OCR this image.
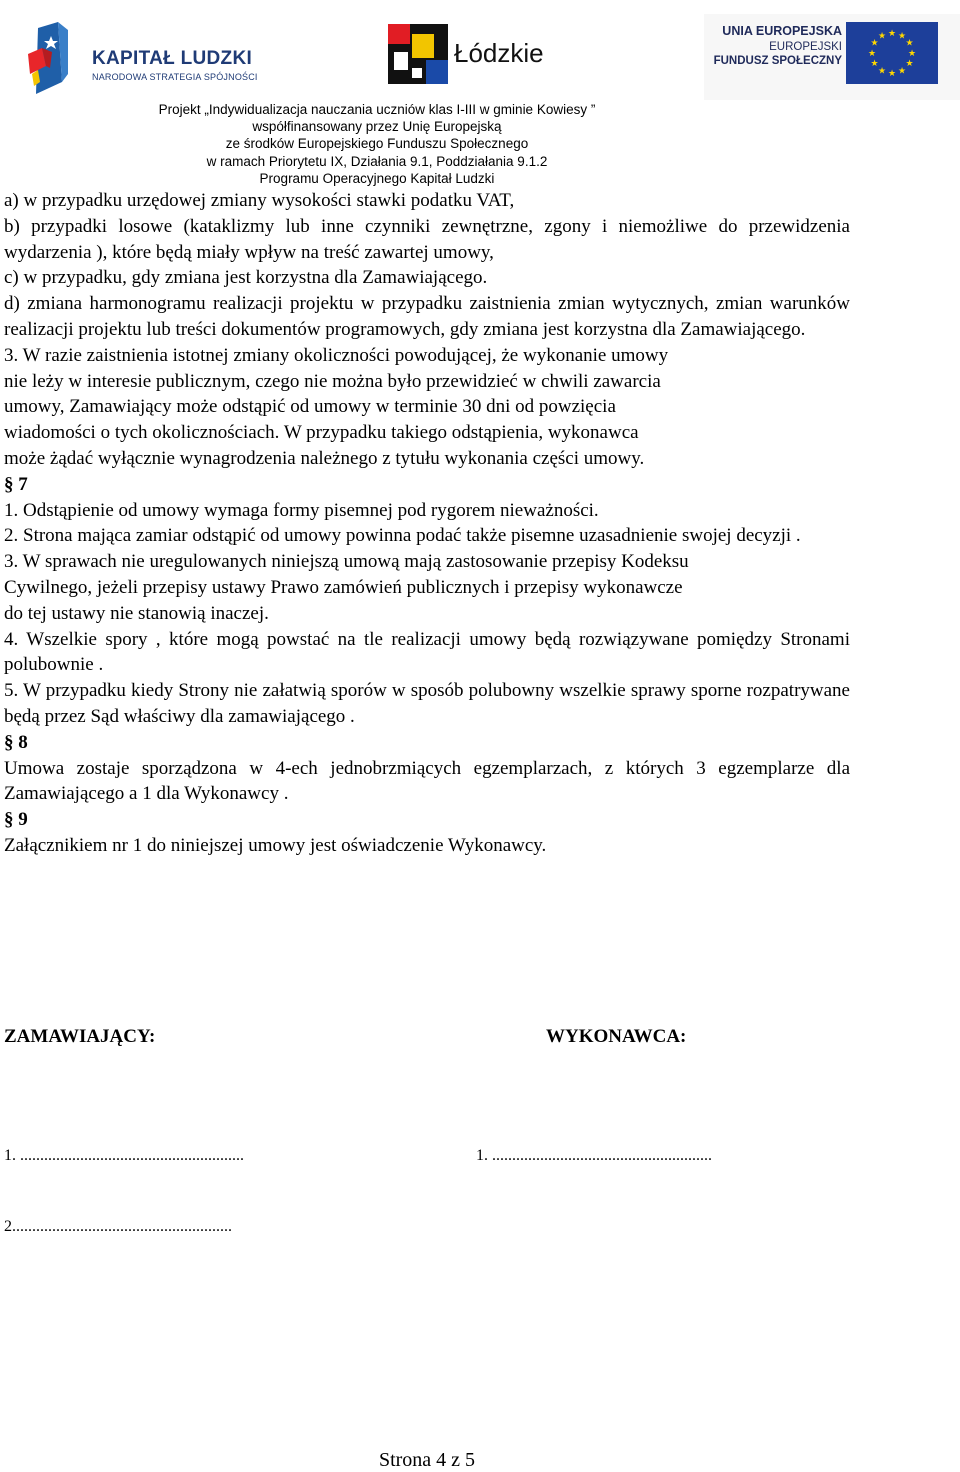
KAPITAŁ LUDZKI
NARODOWA STRATEGIA SPÓJNOŚCI
Łódzkie
UNIA EUROPEJSKA
EUROPEJSKI
FUNDUSZ SPOŁECZNY
★ ★
★
★
★
★
★
★
★
★
★
★
Projekt „Indywidualizacja nauczania uczniów klas I-III w gminie Kowiesy ”
współfinansowany przez Unię Europejską
ze środków Europejskiego Funduszu Społecznego
w ramach Priorytetu IX, Działania 9.1, Poddziałania 9.1.2
Programu Operacyjnego Kapitał Ludzki

a) w przypadku urzędowej zmiany wysokości stawki podatku VAT,

b) przypadki losowe (kataklizmy lub inne czynniki zewnętrzne, zgony i niemożliwe do przewidzenia wydarzenia ), które będą miały wpływ na treść zawartej umowy,

c) w przypadku, gdy zmiana jest korzystna dla Zamawiającego.

d) zmiana harmonogramu realizacji projektu w przypadku zaistnienia zmian wytycznych, zmian warunków realizacji projektu lub treści dokumentów programowych, gdy zmiana jest korzystna dla Zamawiającego.

3. W razie zaistnienia istotnej zmiany okoliczności powodującej, że wykonanie umowy

nie leży w interesie publicznym, czego nie można było przewidzieć w chwili zawarcia

umowy, Zamawiający może odstąpić od umowy w terminie 30 dni od powzięcia

wiadomości o tych okolicznościach. W przypadku takiego odstąpienia, wykonawca

może żądać wyłącznie wynagrodzenia należnego z tytułu wykonania części umowy.

§ 7

1. Odstąpienie od umowy wymaga formy pisemnej pod rygorem nieważności.

2. Strona mająca zamiar odstąpić od umowy powinna podać także pisemne uzasadnienie swojej decyzji .

3. W sprawach nie uregulowanych niniejszą umową mają zastosowanie przepisy Kodeksu

Cywilnego, jeżeli przepisy ustawy Prawo zamówień publicznych i przepisy wykonawcze

do tej ustawy nie stanowią inaczej.

4. Wszelkie spory , które mogą powstać na tle realizacji umowy będą rozwiązywane pomiędzy Stronami polubownie .

5. W przypadku kiedy Strony nie załatwią sporów w sposób polubowny wszelkie sprawy sporne rozpatrywane będą przez Sąd właściwy dla zamawiającego .

§ 8

Umowa zostaje sporządzona w 4-ech jednobrzmiących egzemplarzach, z których 3 egzemplarze dla Zamawiającego a 1 dla Wykonawcy .

§ 9

Załącznikiem nr 1 do niniejszej umowy jest oświadczenie Wykonawcy.

ZAMAWIAJĄCY:	WYKONAWCA:
1. ........................................................	1. .......................................................
2.......................................................
Strona 4 z 5
